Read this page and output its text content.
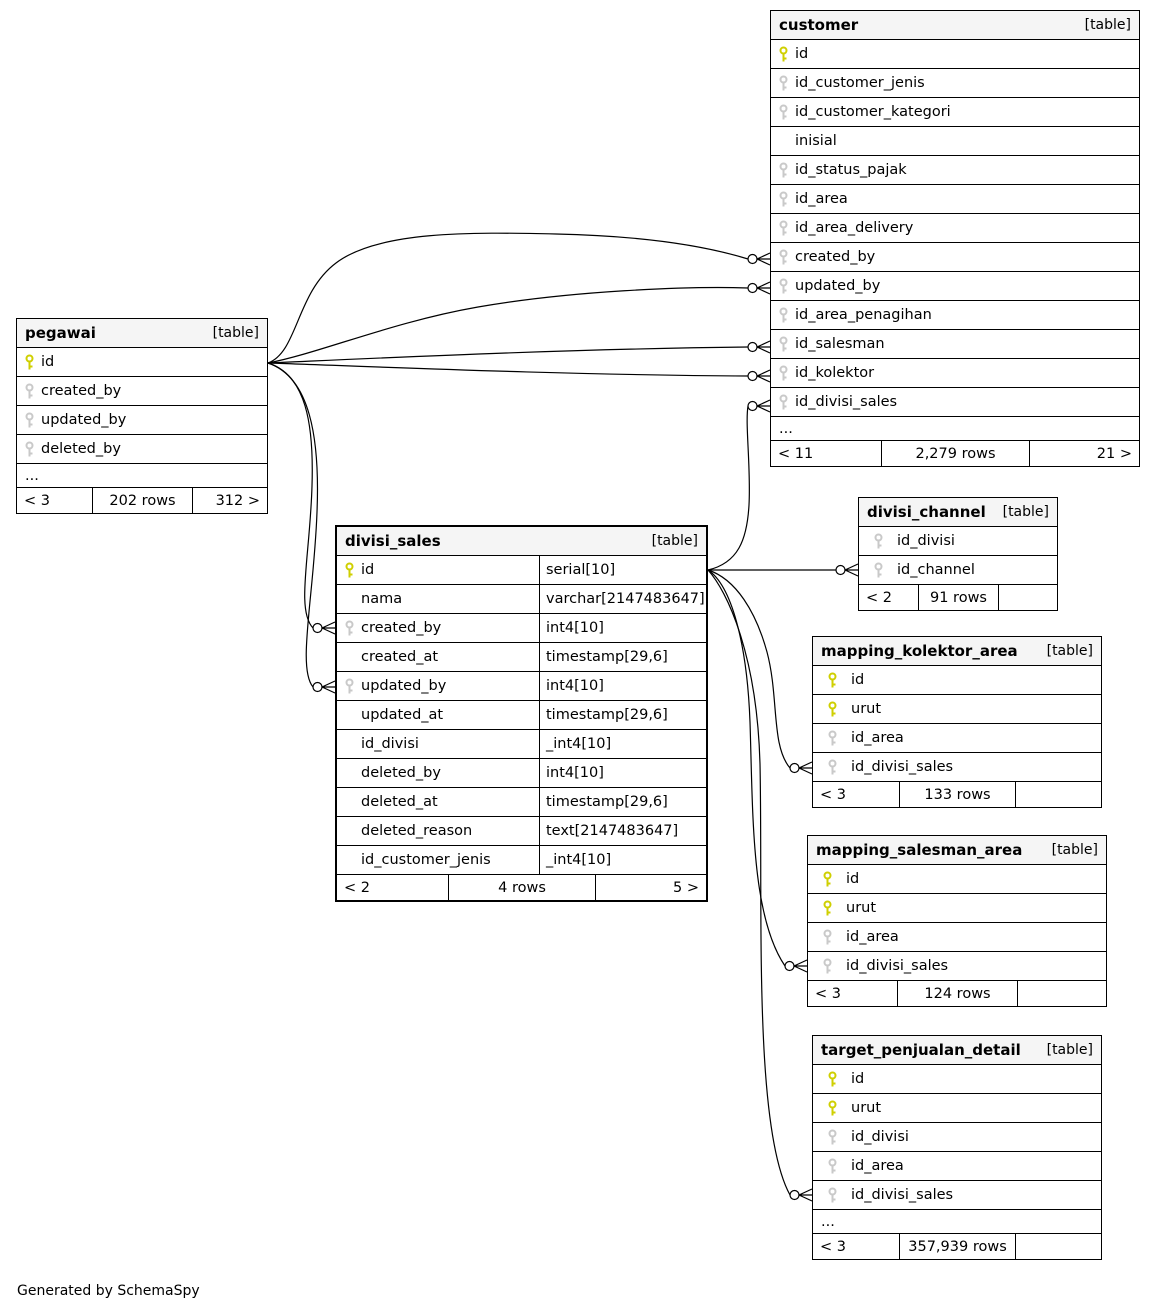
customer	[table]
id
id_customer_jenis
id_customer_kategori
inisial
id_status_pajak
id_area
id_area_delivery
created_by
updated_by
id_area_penagihan
id_salesman
id_kolektor
id_divisi_sales
...
< 11	2,279 rows	21 >
pegawai	[table]
id
created_by
updated_by
deleted_by
...
< 3	202 rows	312 >
divisi_sales	[table]
id	serial[10]
nama	varchar[2147483647]
created_by	int4[10]
created_at	timestamp[29,6]
updated_by	int4[10]
updated_at	timestamp[29,6]
id_divisi	_int4[10]
deleted_by	int4[10]
deleted_at	timestamp[29,6]
deleted_reason	text[2147483647]
id_customer_jenis	_int4[10]
< 2	4 rows	5 >
divisi_channel [table]
id_divisi
id_channel
< 2	91 rows
mapping_kolektor_area [table]
id
urut
id_area
id_divisi_sales
< 3	133 rows
mapping_salesman_area [table]
id
urut
id_area
id_divisi_sales
< 3	124 rows
target_penjualan_detail [table]
id
urut
id_divisi
id_area
id_divisi_sales
...
< 3	357,939 rows
Generated by SchemaSpy
